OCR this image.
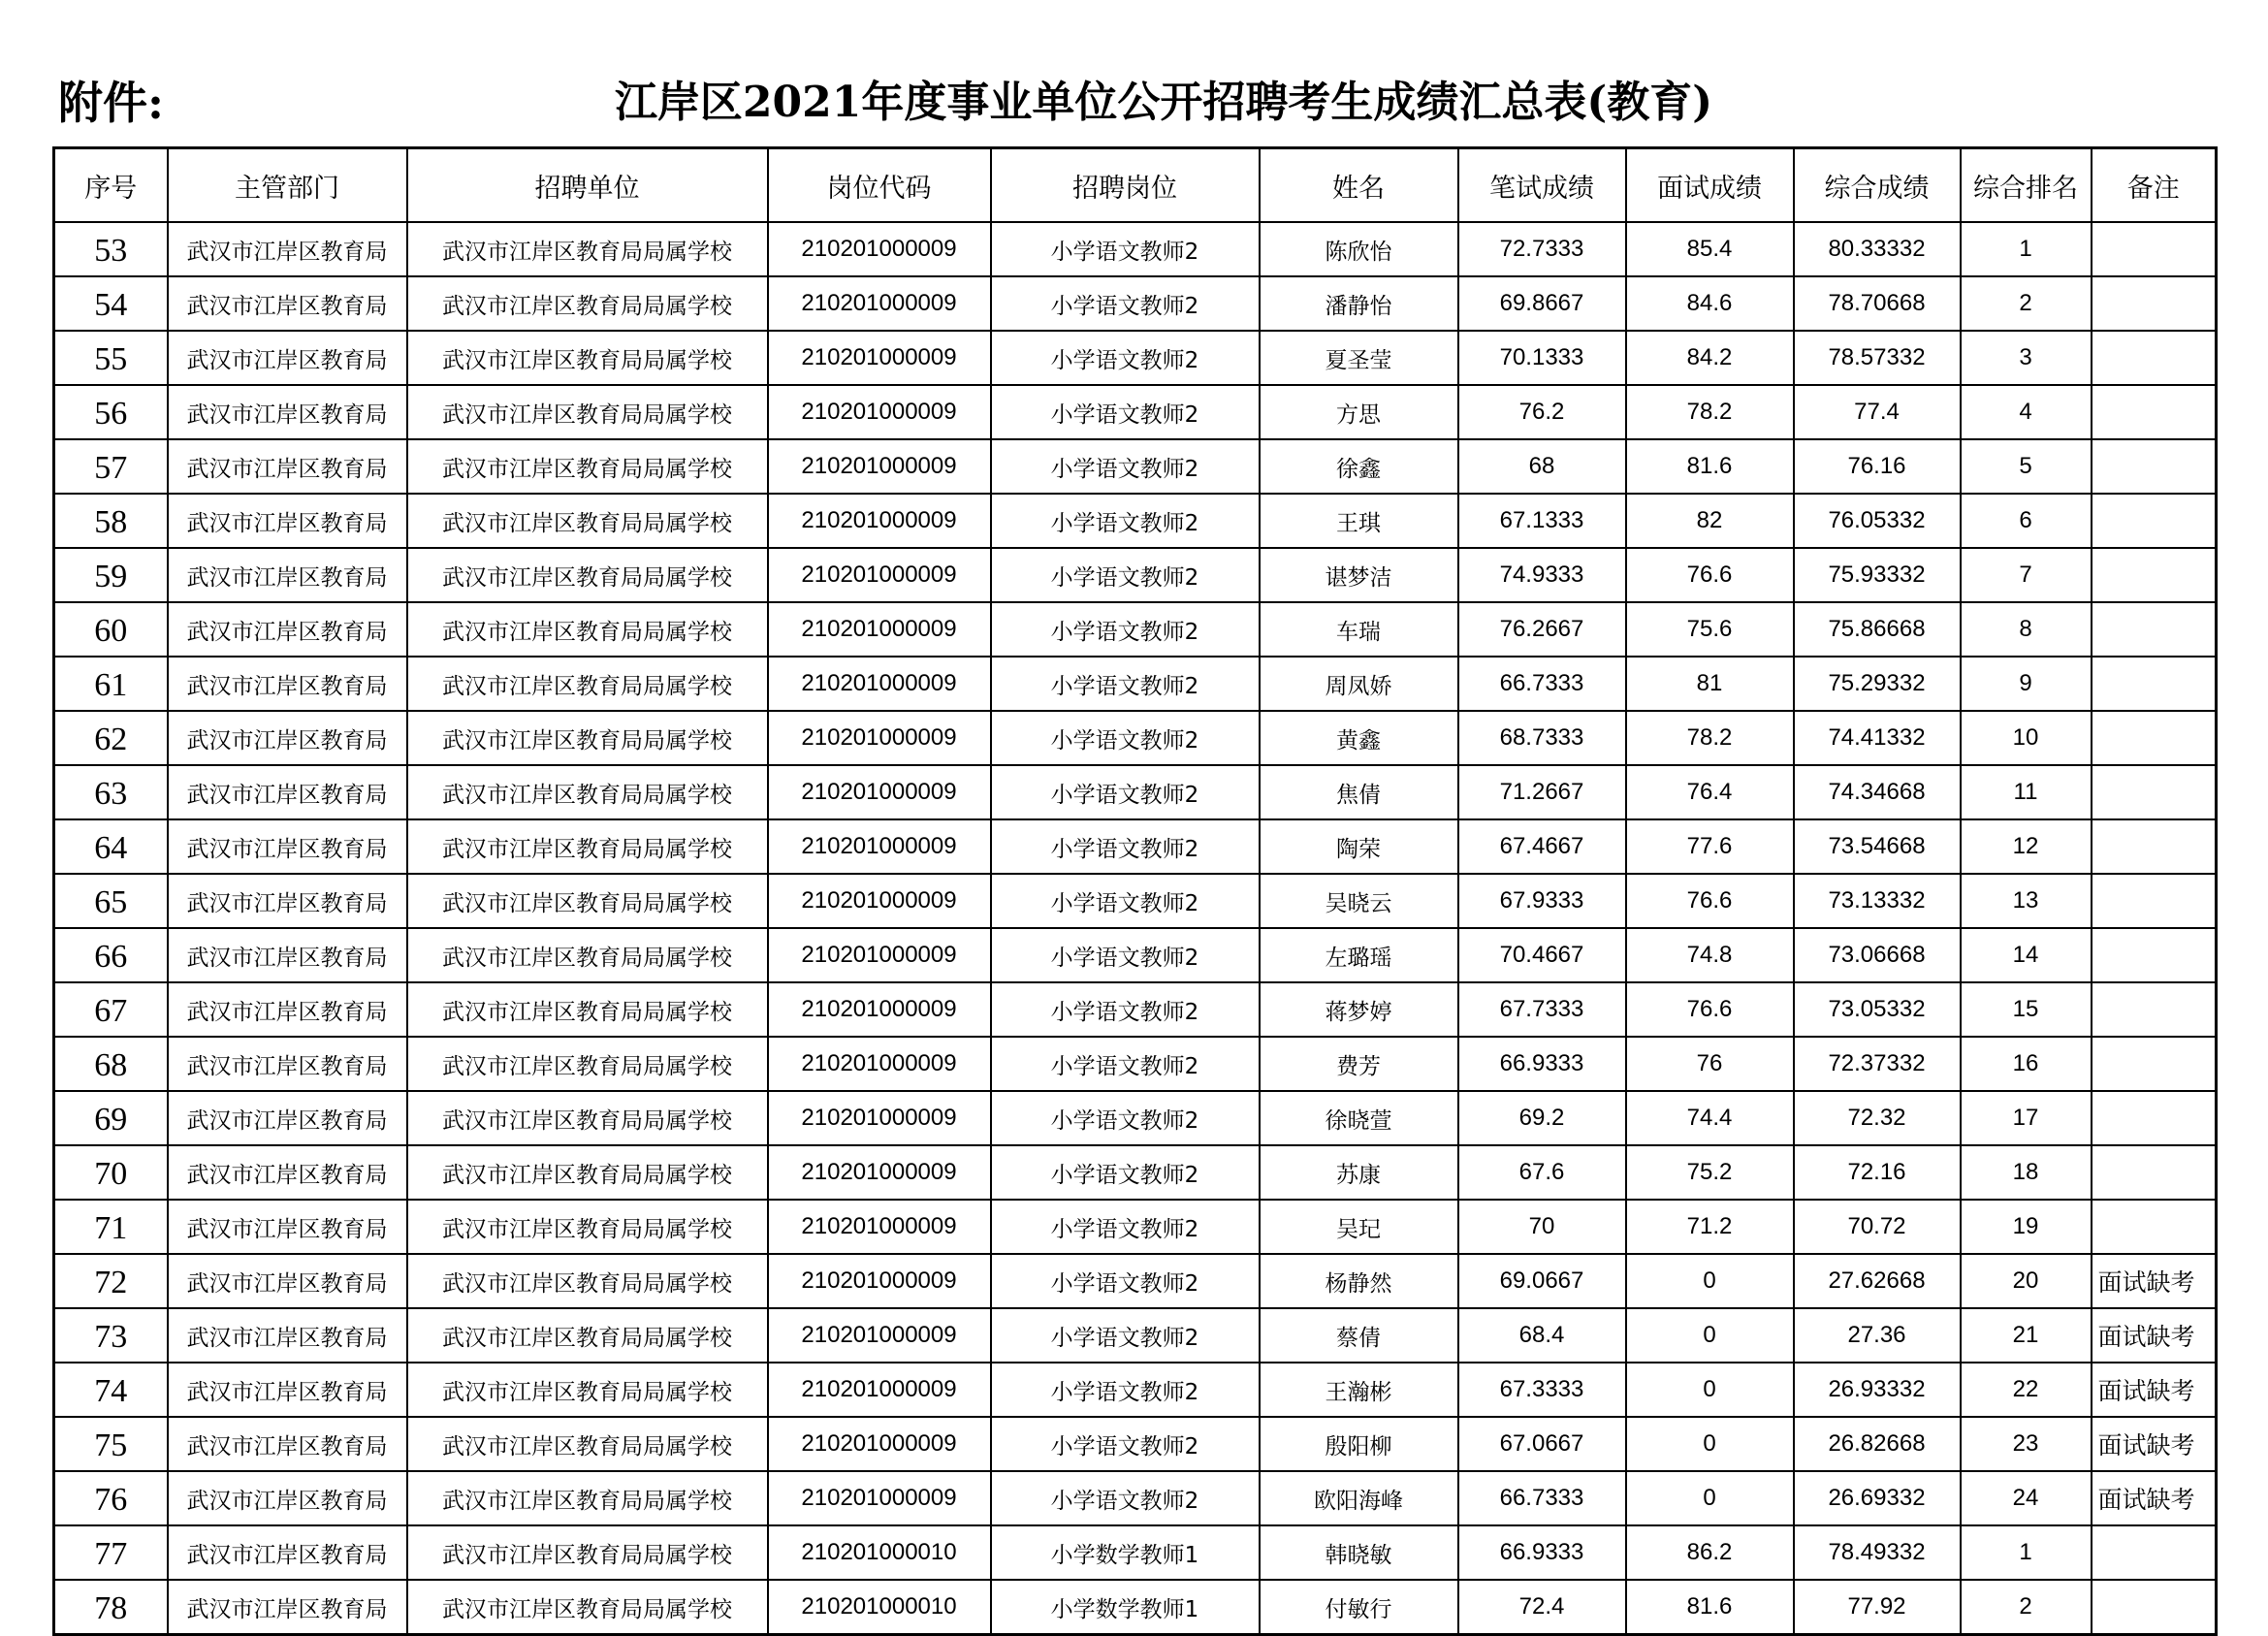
附件:	江岸区2021年度事业单位公开招聘考生成绩汇总表(教育)
序号	主管部门	招聘单位	岗位代码	招聘岗位	姓名	笔试成绩	面试成绩	综合成绩	综合排名	备注
53	武汉市江岸区教育局	武汉市江岸区教育局局属学校	210201000009	小学语文教师2	陈欣怡	72.7333	85.4	80.33332	1	
54	武汉市江岸区教育局	武汉市江岸区教育局局属学校	210201000009	小学语文教师2	潘静怡	69.8667	84.6	78.70668	2	
55	武汉市江岸区教育局	武汉市江岸区教育局局属学校	210201000009	小学语文教师2	夏圣莹	70.1333	84.2	78.57332	3	
56	武汉市江岸区教育局	武汉市江岸区教育局局属学校	210201000009	小学语文教师2	方思	76.2	78.2	77.4	4	
57	武汉市江岸区教育局	武汉市江岸区教育局局属学校	210201000009	小学语文教师2	徐鑫	68	81.6	76.16	5	
58	武汉市江岸区教育局	武汉市江岸区教育局局属学校	210201000009	小学语文教师2	王琪	67.1333	82	76.05332	6	
59	武汉市江岸区教育局	武汉市江岸区教育局局属学校	210201000009	小学语文教师2	谌梦洁	74.9333	76.6	75.93332	7	
60	武汉市江岸区教育局	武汉市江岸区教育局局属学校	210201000009	小学语文教师2	车瑞	76.2667	75.6	75.86668	8	
61	武汉市江岸区教育局	武汉市江岸区教育局局属学校	210201000009	小学语文教师2	周凤娇	66.7333	81	75.29332	9	
62	武汉市江岸区教育局	武汉市江岸区教育局局属学校	210201000009	小学语文教师2	黄鑫	68.7333	78.2	74.41332	10	
63	武汉市江岸区教育局	武汉市江岸区教育局局属学校	210201000009	小学语文教师2	焦倩	71.2667	76.4	74.34668	11	
64	武汉市江岸区教育局	武汉市江岸区教育局局属学校	210201000009	小学语文教师2	陶荣	67.4667	77.6	73.54668	12	
65	武汉市江岸区教育局	武汉市江岸区教育局局属学校	210201000009	小学语文教师2	吴晓云	67.9333	76.6	73.13332	13	
66	武汉市江岸区教育局	武汉市江岸区教育局局属学校	210201000009	小学语文教师2	左璐瑶	70.4667	74.8	73.06668	14	
67	武汉市江岸区教育局	武汉市江岸区教育局局属学校	210201000009	小学语文教师2	蒋梦婷	67.7333	76.6	73.05332	15	
68	武汉市江岸区教育局	武汉市江岸区教育局局属学校	210201000009	小学语文教师2	费芳	66.9333	76	72.37332	16	
69	武汉市江岸区教育局	武汉市江岸区教育局局属学校	210201000009	小学语文教师2	徐晓萱	69.2	74.4	72.32	17	
70	武汉市江岸区教育局	武汉市江岸区教育局局属学校	210201000009	小学语文教师2	苏康	67.6	75.2	72.16	18	
71	武汉市江岸区教育局	武汉市江岸区教育局局属学校	210201000009	小学语文教师2	吴玘	70	71.2	70.72	19	
72	武汉市江岸区教育局	武汉市江岸区教育局局属学校	210201000009	小学语文教师2	杨静然	69.0667	0	27.62668	20	面试缺考
73	武汉市江岸区教育局	武汉市江岸区教育局局属学校	210201000009	小学语文教师2	蔡倩	68.4	0	27.36	21	面试缺考
74	武汉市江岸区教育局	武汉市江岸区教育局局属学校	210201000009	小学语文教师2	王瀚彬	67.3333	0	26.93332	22	面试缺考
75	武汉市江岸区教育局	武汉市江岸区教育局局属学校	210201000009	小学语文教师2	殷阳柳	67.0667	0	26.82668	23	面试缺考
76	武汉市江岸区教育局	武汉市江岸区教育局局属学校	210201000009	小学语文教师2	欧阳海峰	66.7333	0	26.69332	24	面试缺考
77	武汉市江岸区教育局	武汉市江岸区教育局局属学校	210201000010	小学数学教师1	韩晓敏	66.9333	86.2	78.49332	1	
78	武汉市江岸区教育局	武汉市江岸区教育局局属学校	210201000010	小学数学教师1	付敏行	72.4	81.6	77.92	2	
